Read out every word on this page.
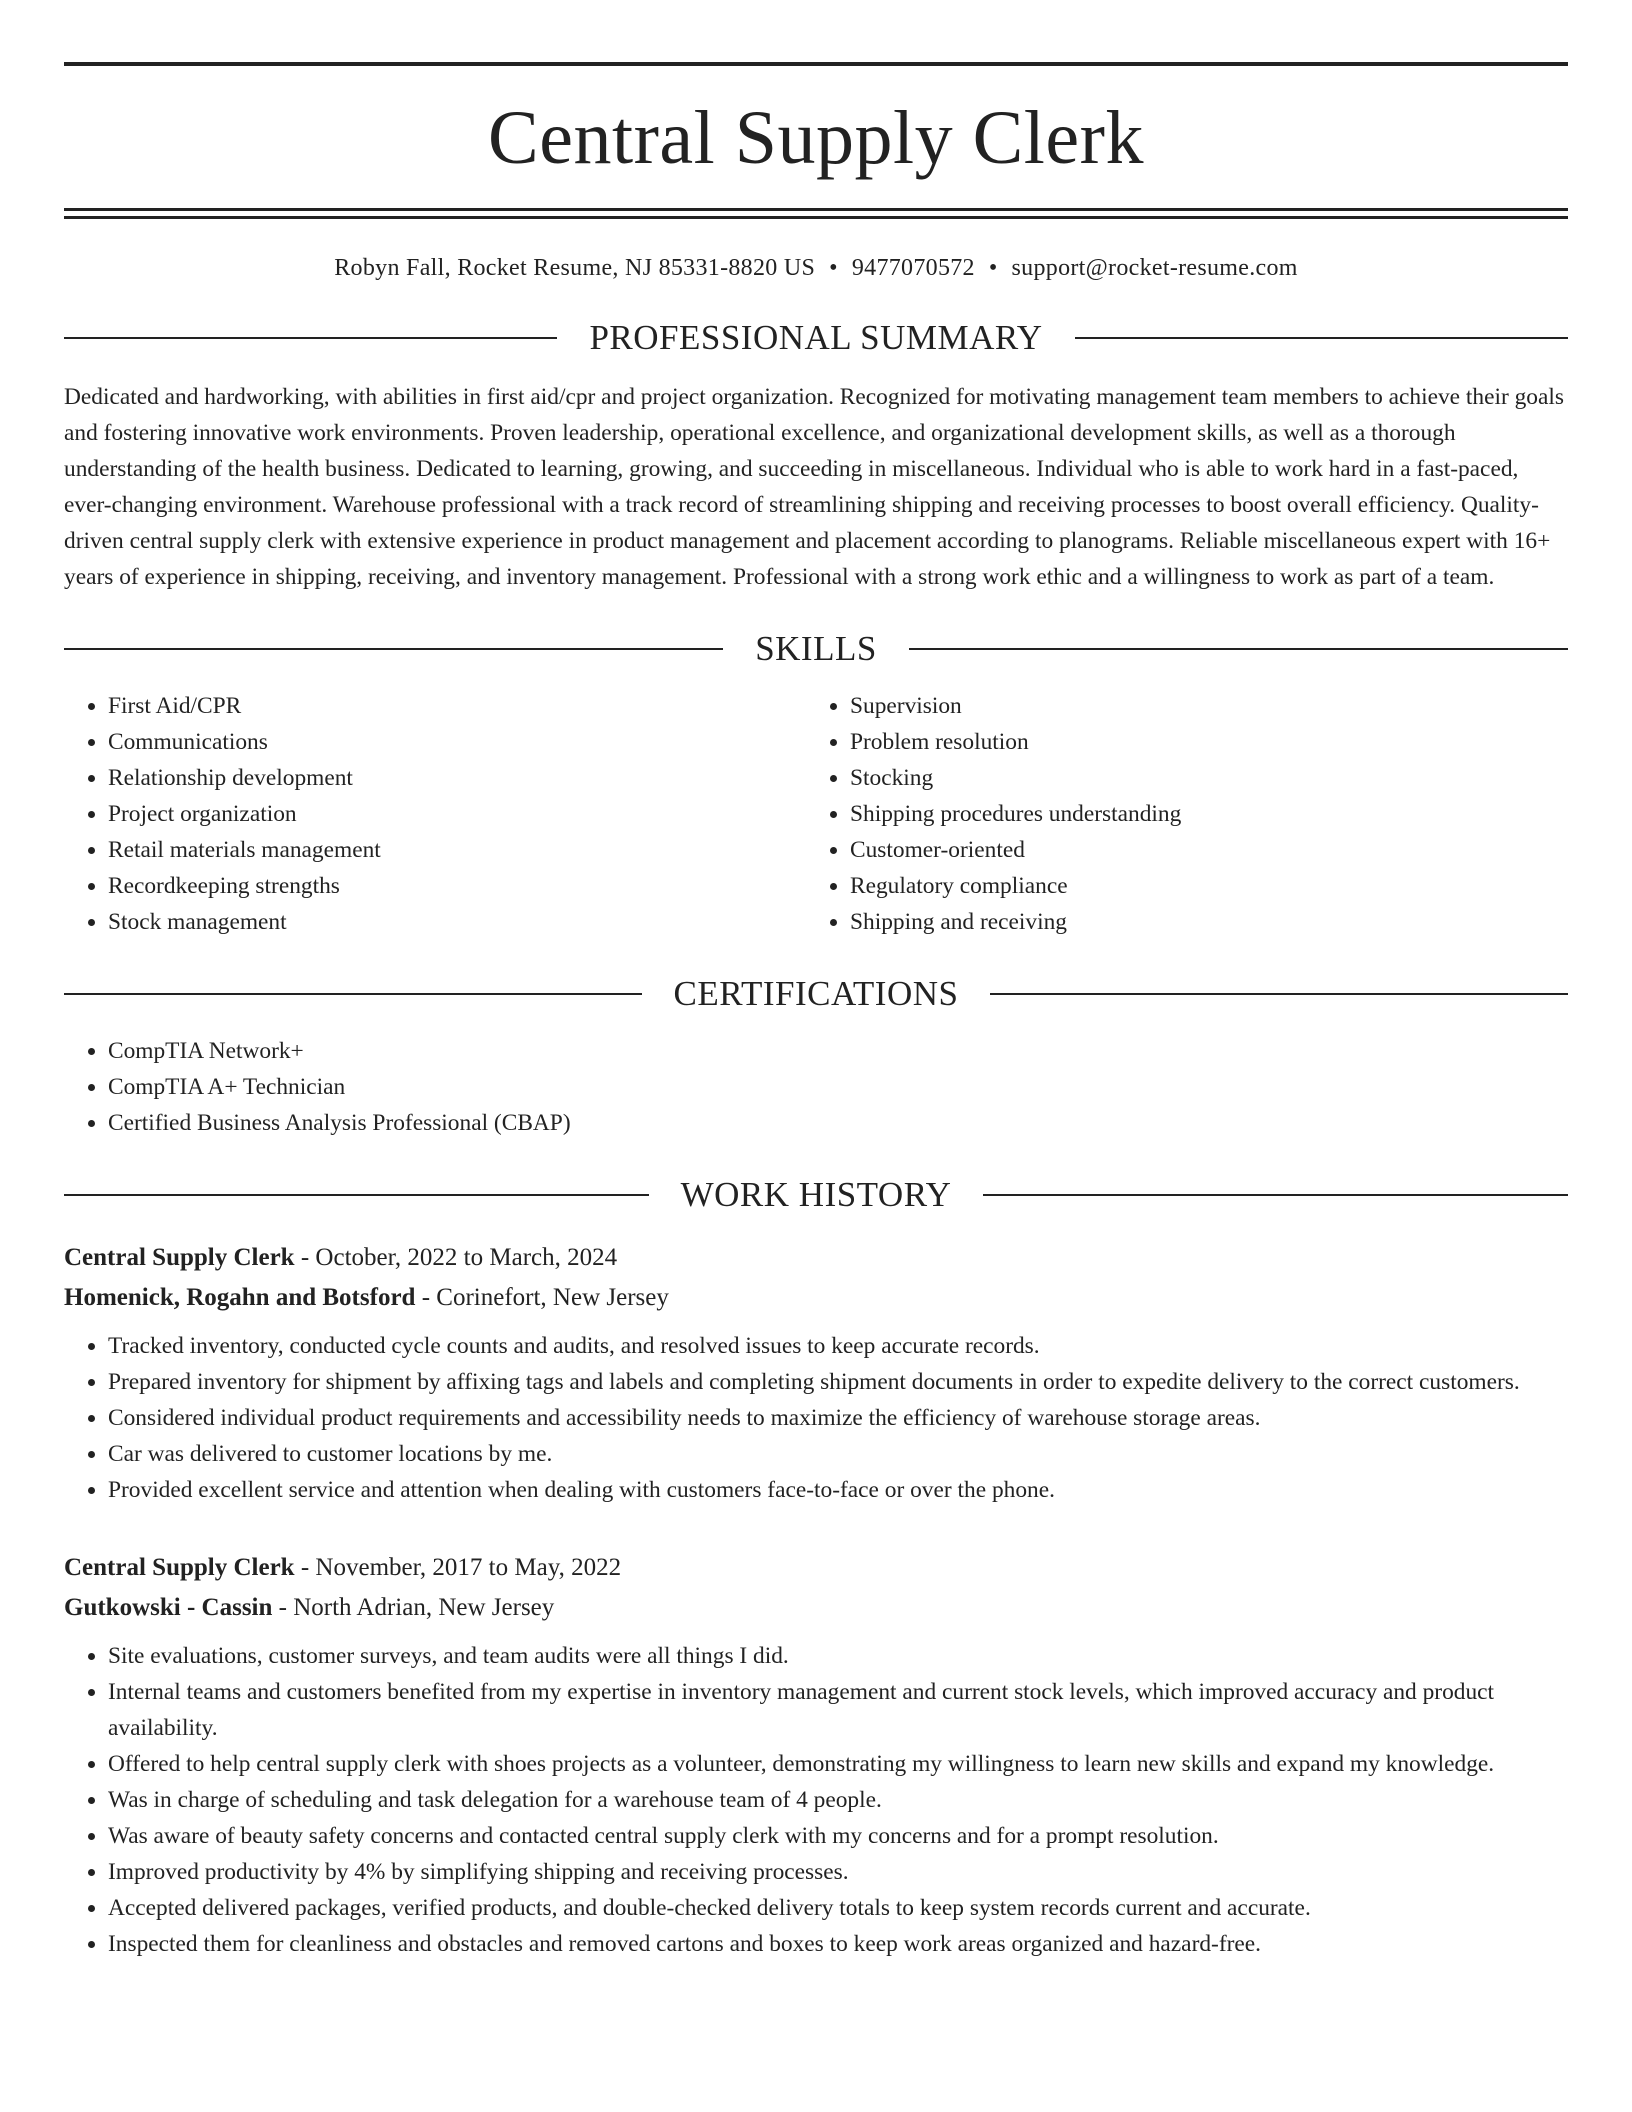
Central Supply Clerk
Robyn Fall, Rocket Resume, NJ 85331-8820 US • 9477070572 • support@rocket-resume.com
PROFESSIONAL SUMMARY

Dedicated and hardworking, with abilities in first aid/cpr and project organization. Recognized for motivating management team members to achieve their goals and fostering innovative work environments. Proven leadership, operational excellence, and organizational development skills, as well as a thorough understanding of the health business. Dedicated to learning, growing, and succeeding in miscellaneous. Individual who is able to work hard in a fast-paced, ever-changing environment. Warehouse professional with a track record of streamlining shipping and receiving processes to boost overall efficiency. Quality-driven central supply clerk with extensive experience in product management and placement according to planograms. Reliable miscellaneous expert with 16+ years of experience in shipping, receiving, and inventory management. Professional with a strong work ethic and a willingness to work as part of a team.

SKILLS
• First Aid/CPR
• Communications
• Relationship development
• Project organization
• Retail materials management
• Recordkeeping strengths
• Stock management
• Supervision
• Problem resolution
• Stocking
• Shipping procedures understanding
• Customer-oriented
• Regulatory compliance
• Shipping and receiving
CERTIFICATIONS
• CompTIA Network+
• CompTIA A+ Technician
• Certified Business Analysis Professional (CBAP)
WORK HISTORY
Central Supply Clerk - October, 2022 to March, 2024
Homenick, Rogahn and Botsford - Corinefort, New Jersey
• Tracked inventory, conducted cycle counts and audits, and resolved issues to keep accurate records.
• Prepared inventory for shipment by affixing tags and labels and completing shipment documents in order to expedite delivery to the correct customers.
• Considered individual product requirements and accessibility needs to maximize the efficiency of warehouse storage areas.
• Car was delivered to customer locations by me.
• Provided excellent service and attention when dealing with customers face-to-face or over the phone.
Central Supply Clerk - November, 2017 to May, 2022
Gutkowski - Cassin - North Adrian, New Jersey
• Site evaluations, customer surveys, and team audits were all things I did.
• Internal teams and customers benefited from my expertise in inventory management and current stock levels, which improved accuracy and product availability.
• Offered to help central supply clerk with shoes projects as a volunteer, demonstrating my willingness to learn new skills and expand my knowledge.
• Was in charge of scheduling and task delegation for a warehouse team of 4 people.
• Was aware of beauty safety concerns and contacted central supply clerk with my concerns and for a prompt resolution.
• Improved productivity by 4% by simplifying shipping and receiving processes.
• Accepted delivered packages, verified products, and double-checked delivery totals to keep system records current and accurate.
• Inspected them for cleanliness and obstacles and removed cartons and boxes to keep work areas organized and hazard-free.
